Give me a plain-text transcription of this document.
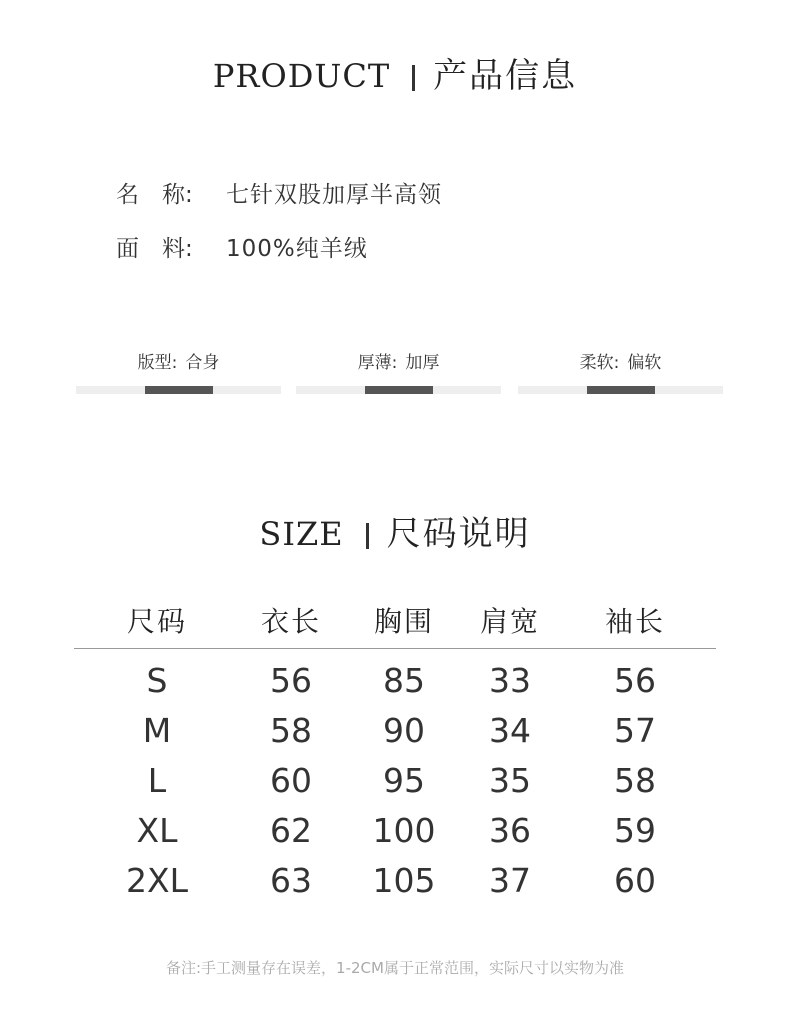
PRODUCT 产品信息
名　称: 七针双股加厚半高领
面　料: 100%纯羊绒
版型: 合身	厚薄: 加厚	柔软: 偏软
SIZE 尺码说明
尺码	衣长	胸围	肩宽	袖长
S	56	85	33	56
M	58	90	34	57
L	60	95	35	58
XL	62	100	36	59
2XL	63	105	37	60
备注:手工测量存在误差，1-2CM属于正常范围，实际尺寸以实物为准
